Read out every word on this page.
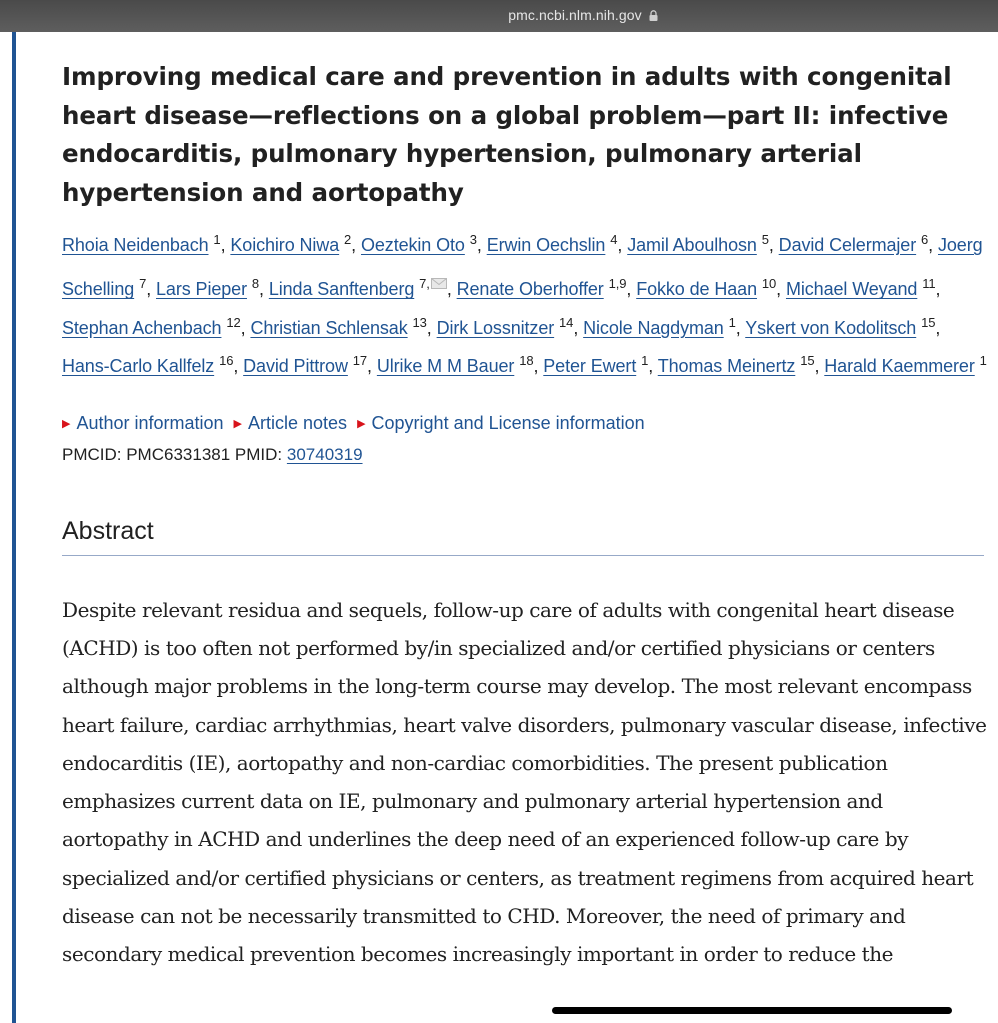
pmc.ncbi.nlm.nih.gov
Improving medical care and prevention in adults with congenital heart disease—reflections on a global problem—part II: infective endocarditis, pulmonary hypertension, pulmonary arterial hypertension and aortopathy
Rhoia Neidenbach $^1$, Koichiro Niwa $^2$, Oeztekin Oto $^3$, Erwin Oechslin $^4$, Jamil Aboulhosn $^5$, David Celermajer $^6$, Joerg Schelling $^7$, Lars Pieper $^8$, Linda Sanftenberg $^{7,}$ , Renate Oberhoffer $^{1,9}$, Fokko de Haan $^{10}$, Michael Weyand $^{11}$, Stephan Achenbach $^{12}$, Christian Schlensak $^{13}$, Dirk Lossnitzer $^{14}$, Nicole Nagdyman $^1$, Yskert von Kodolitsch $^{15}$, Hans-Carlo Kallfelz $^{16}$, David Pittrow $^{17}$, Ulrike M M Bauer $^{18}$, Peter Ewert $^1$, Thomas Meinertz $^{15}$, Harald Kaemmerer $^1$
▶ Author information ▶ Article notes ▶ Copyright and License information
PMCID: PMC6331381 PMID: 30740319
Abstract

Despite relevant residua and sequels, follow-up care of adults with congenital heart disease (ACHD) is too often not performed by/in specialized and/or certified physicians or centers although major problems in the long-term course may develop. The most relevant encompass heart failure, cardiac arrhythmias, heart valve disorders, pulmonary vascular disease, infective endocarditis (IE), aortopathy and non-cardiac comorbidities. The present publication emphasizes current data on IE, pulmonary and pulmonary arterial hypertension and aortopathy in ACHD and underlines the deep need of an experienced follow-up care by specialized and/or certified physicians or centers, as treatment regimens from acquired heart disease can not be necessarily transmitted to CHD. Moreover, the need of primary and secondary medical prevention becomes increasingly important in order to reduce the
